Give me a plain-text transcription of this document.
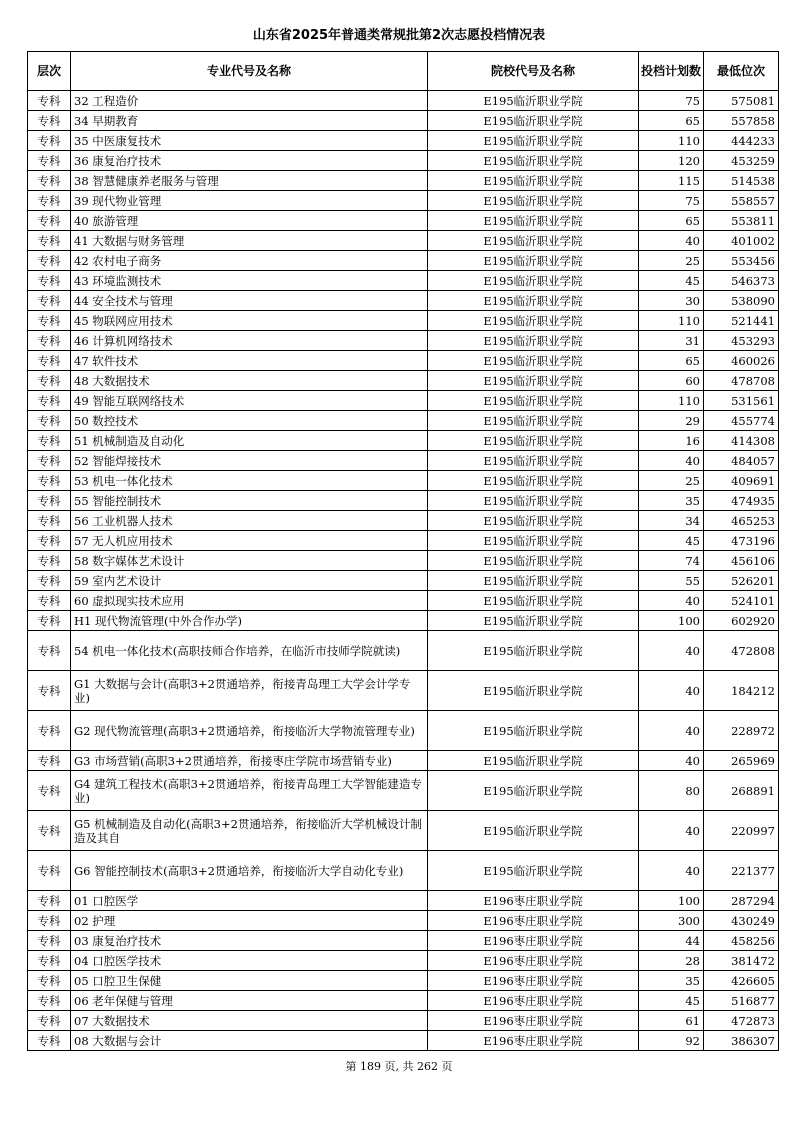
山东省2025年普通类常规批第2次志愿投档情况表
层次	专业代号及名称	院校代号及名称	投档计划数	最低位次
专科	32 工程造价	E195临沂职业学院	75	575081
专科	34 早期教育	E195临沂职业学院	65	557858
专科	35 中医康复技术	E195临沂职业学院	110	444233
专科	36 康复治疗技术	E195临沂职业学院	120	453259
专科	38 智慧健康养老服务与管理	E195临沂职业学院	115	514538
专科	39 现代物业管理	E195临沂职业学院	75	558557
专科	40 旅游管理	E195临沂职业学院	65	553811
专科	41 大数据与财务管理	E195临沂职业学院	40	401002
专科	42 农村电子商务	E195临沂职业学院	25	553456
专科	43 环境监测技术	E195临沂职业学院	45	546373
专科	44 安全技术与管理	E195临沂职业学院	30	538090
专科	45 物联网应用技术	E195临沂职业学院	110	521441
专科	46 计算机网络技术	E195临沂职业学院	31	453293
专科	47 软件技术	E195临沂职业学院	65	460026
专科	48 大数据技术	E195临沂职业学院	60	478708
专科	49 智能互联网络技术	E195临沂职业学院	110	531561
专科	50 数控技术	E195临沂职业学院	29	455774
专科	51 机械制造及自动化	E195临沂职业学院	16	414308
专科	52 智能焊接技术	E195临沂职业学院	40	484057
专科	53 机电一体化技术	E195临沂职业学院	25	409691
专科	55 智能控制技术	E195临沂职业学院	35	474935
专科	56 工业机器人技术	E195临沂职业学院	34	465253
专科	57 无人机应用技术	E195临沂职业学院	45	473196
专科	58 数字媒体艺术设计	E195临沂职业学院	74	456106
专科	59 室内艺术设计	E195临沂职业学院	55	526201
专科	60 虚拟现实技术应用	E195临沂职业学院	40	524101
专科	H1 现代物流管理(中外合作办学)	E195临沂职业学院	100	602920
专科	54 机电一体化技术(高职技师合作培养，在临沂市技师学院就读)	E195临沂职业学院	40	472808
专科	G1 大数据与会计(高职3+2贯通培养，衔接青岛理工大学会计学专业)	E195临沂职业学院	40	184212
专科	G2 现代物流管理(高职3+2贯通培养，衔接临沂大学物流管理专业)	E195临沂职业学院	40	228972
专科	G3 市场营销(高职3+2贯通培养，衔接枣庄学院市场营销专业)	E195临沂职业学院	40	265969
专科	G4 建筑工程技术(高职3+2贯通培养，衔接青岛理工大学智能建造专业)	E195临沂职业学院	80	268891
专科	G5 机械制造及自动化(高职3+2贯通培养，衔接临沂大学机械设计制造及其自	E195临沂职业学院	40	220997
专科	G6 智能控制技术(高职3+2贯通培养，衔接临沂大学自动化专业)	E195临沂职业学院	40	221377
专科	01 口腔医学	E196枣庄职业学院	100	287294
专科	02 护理	E196枣庄职业学院	300	430249
专科	03 康复治疗技术	E196枣庄职业学院	44	458256
专科	04 口腔医学技术	E196枣庄职业学院	28	381472
专科	05 口腔卫生保健	E196枣庄职业学院	35	426605
专科	06 老年保健与管理	E196枣庄职业学院	45	516877
专科	07 大数据技术	E196枣庄职业学院	61	472873
专科	08 大数据与会计	E196枣庄职业学院	92	386307
第 189 页, 共 262 页
